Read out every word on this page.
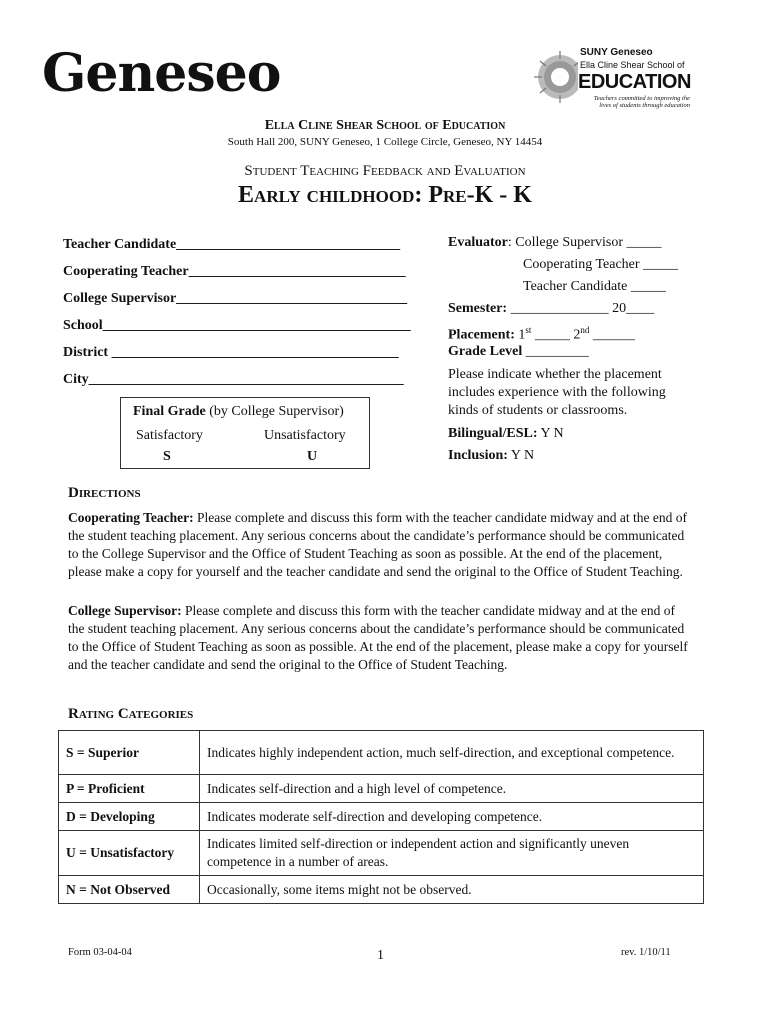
Geneseo	SUNY Geneseo
Ella Cline Shear School of
EDUCATION
Teachers committed to improving the lives of students through education
Ella Cline Shear School of Education
South Hall 200, SUNY Geneseo, 1 College Circle, Geneseo, NY 14454
Student Teaching Feedback and Evaluation
Early childhood: Pre-K - K
Teacher Candidate________________________________
Cooperating Teacher_______________________________
College Supervisor_________________________________
School____________________________________________
District _________________________________________
City_____________________________________________
Final Grade (by College Supervisor)
Satisfactory
S
Unsatisfactory
U
Evaluator: College Supervisor _____
Cooperating Teacher _____
Teacher Candidate _____
Semester: ______________ 20____
Placement: 1st _____ 2nd ______
Grade Level _________
Please indicate whether the placement includes experience with the following kinds of students or classrooms.
Bilingual/ESL: Y N
Inclusion: Y N
Directions
Cooperating Teacher: Please complete and discuss this form with the teacher candidate midway and at the end of the student teaching placement. Any serious concerns about the candidate’s performance should be communicated to the College Supervisor and the Office of Student Teaching as soon as possible. At the end of the placement, please make a copy for yourself and the teacher candidate and send the original to the Office of Student Teaching.
College Supervisor: Please complete and discuss this form with the teacher candidate midway and at the end of the student teaching placement. Any serious concerns about the candidate’s performance should be communicated to the Office of Student Teaching as soon as possible. At the end of the placement, please make a copy for yourself and the teacher candidate and send the original to the Office of Student Teaching.
Rating Categories
S = Superior	Indicates highly independent action, much self-direction, and exceptional competence.
P = Proficient	Indicates self-direction and a high level of competence.
D = Developing	Indicates moderate self-direction and developing competence.
U = Unsatisfactory	Indicates limited self-direction or independent action and significantly uneven competence in a number of areas.
N = Not Observed	Occasionally, some items might not be observed.
Form 03-04-04	1	rev. 1/10/11
